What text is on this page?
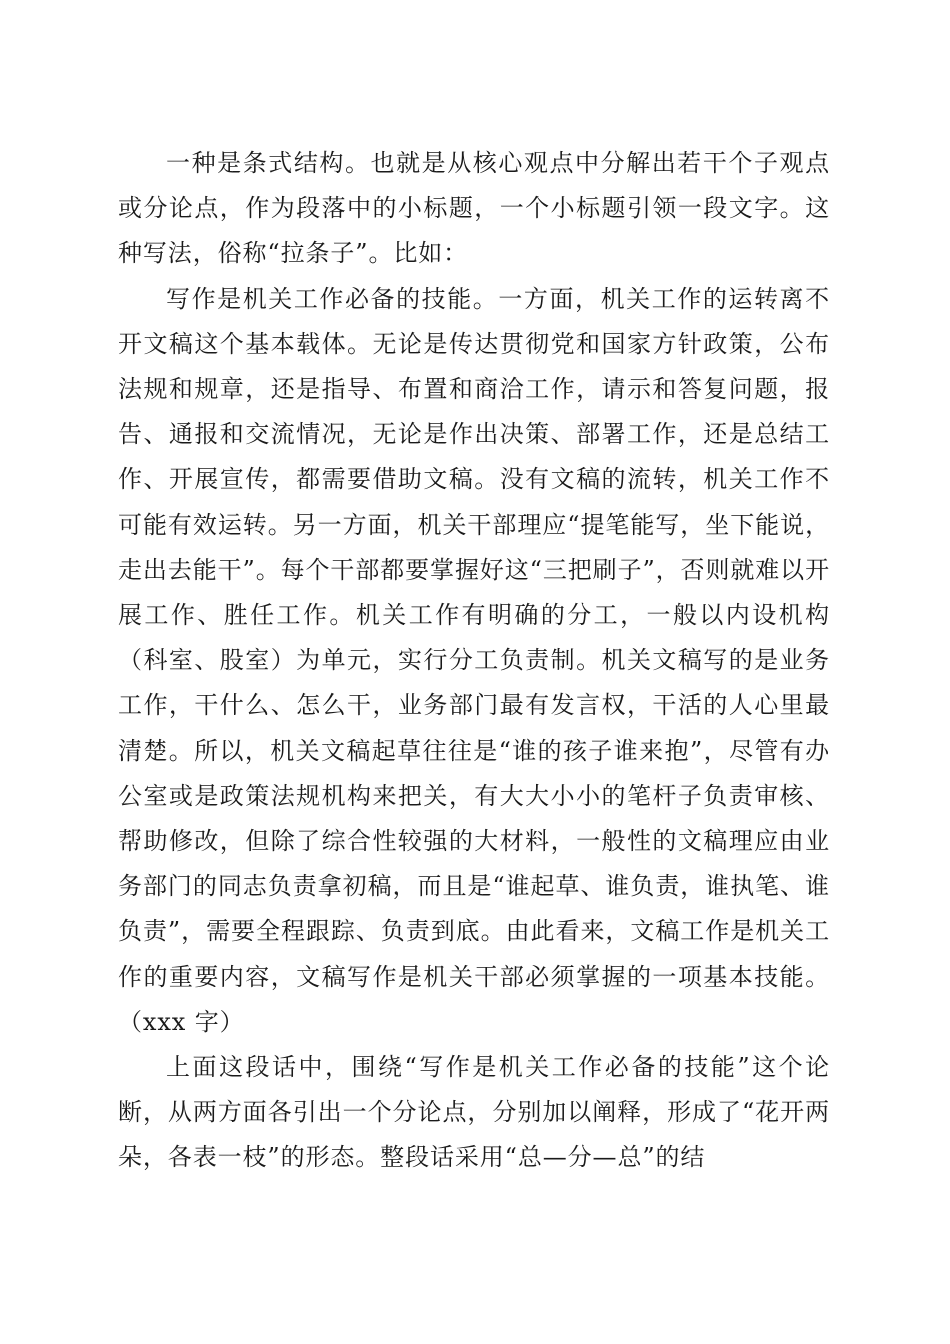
一种是条式结构。也就是从核心观点中分解出若干个子观点或分论点，作为段落中的小标题，一个小标题引领一段文字。这种写法，俗称“拉条子”。比如：

写作是机关工作必备的技能。一方面，机关工作的运转离不开文稿这个基本载体。无论是传达贯彻党和国家方针政策，公布法规和规章，还是指导、布置和商洽工作，请示和答复问题，报告、通报和交流情况，无论是作出决策、部署工作，还是总结工作、开展宣传，都需要借助文稿。没有文稿的流转，机关工作不可能有效运转。另一方面，机关干部理应“提笔能写，坐下能说，走出去能干”。每个干部都要掌握好这“三把刷子”，否则就难以开展工作、胜任工作。机关工作有明确的分工，一般以内设机构（科室、股室）为单元，实行分工负责制。机关文稿写的是业务工作，干什么、怎么干，业务部门最有发言权，干活的人心里最清楚。所以，机关文稿起草往往是“谁的孩子谁来抱”，尽管有办公室或是政策法规机构来把关，有大大小小的笔杆子负责审核、帮助修改，但除了综合性较强的大材料，一般性的文稿理应由业务部门的同志负责拿初稿，而且是“谁起草、谁负责，谁执笔、谁负责”，需要全程跟踪、负责到底。由此看来，文稿工作是机关工作的重要内容，文稿写作是机关干部必须掌握的一项基本技能。（xxx 字）

上面这段话中，围绕“写作是机关工作必备的技能”这个论断，从两方面各引出一个分论点，分别加以阐释，形成了“花开两朵，各表一枝”的形态。整段话采用“总—分—总”的结
